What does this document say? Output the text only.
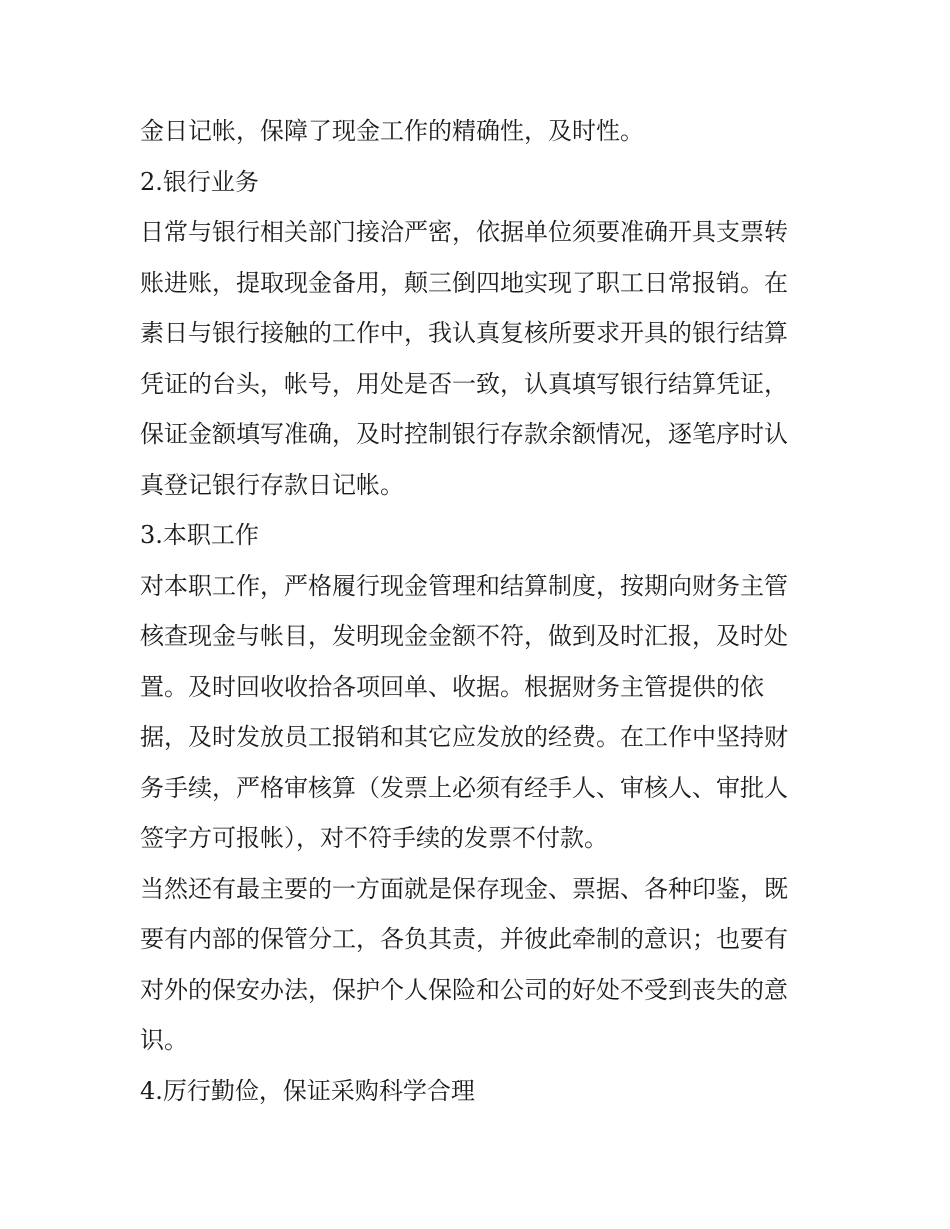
金日记帐，保障了现金工作的精确性，及时性。
2.银行业务
日常与银行相关部门接洽严密，依据单位须要准确开具支票转
账进账，提取现金备用，颠三倒四地实现了职工日常报销。在
素日与银行接触的工作中，我认真复核所要求开具的银行结算
凭证的台头，帐号，用处是否一致，认真填写银行结算凭证，
保证金额填写准确，及时控制银行存款余额情况，逐笔序时认
真登记银行存款日记帐。
3.本职工作
对本职工作，严格履行现金管理和结算制度，按期向财务主管
核查现金与帐目，发明现金金额不符，做到及时汇报，及时处
置。及时回收收拾各项回单、收据。根据财务主管提供的依
据，及时发放员工报销和其它应发放的经费。在工作中坚持财
务手续，严格审核算（发票上必须有经手人、审核人、审批人
签字方可报帐），对不符手续的发票不付款。
当然还有最主要的一方面就是保存现金、票据、各种印鉴，既
要有内部的保管分工，各负其责，并彼此牵制的意识；也要有
对外的保安办法，保护个人保险和公司的好处不受到丧失的意
识。
4.厉行勤俭，保证采购科学合理
